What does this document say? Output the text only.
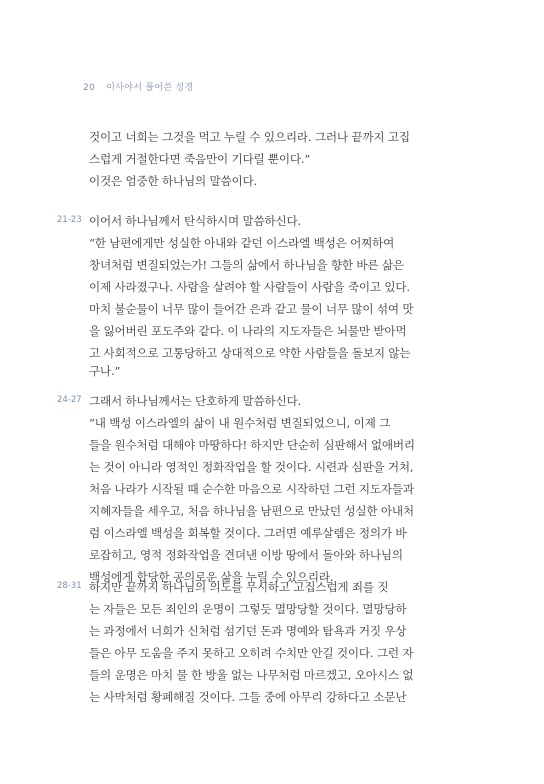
20 이사야서 풀어쓴 성경
21-23
24-27
28-31
것이고 너희는 그것을 먹고 누릴 수 있으리라. 그러나 끝까지 고집
스럽게 거절한다면 죽음만이 기다릴 뿐이다.”
이것은 엄중한 하나님의 말씀이다.
이어서 하나님께서 탄식하시며 말씀하신다.
“한 남편에게만 성실한 아내와 같던 이스라엘 백성은 어찌하여
창녀처럼 변질되었는가! 그들의 삶에서 하나님을 향한 바른 삶은
이제 사라졌구나. 사람을 살려야 할 사람들이 사람을 죽이고 있다.
마치 불순물이 너무 많이 들어간 은과 같고 물이 너무 많이 섞여 맛
을 잃어버린 포도주와 같다. 이 나라의 지도자들은 뇌물만 받아먹
고 사회적으로 고통당하고 상대적으로 약한 사람들을 돌보지 않는
구나.”
그래서 하나님께서는 단호하게 말씀하신다.
“내 백성 이스라엘의 삶이 내 원수처럼 변질되었으니, 이제 그
들을 원수처럼 대해야 마땅하다! 하지만 단순히 심판해서 없애버리
는 것이 아니라 영적인 정화작업을 할 것이다. 시련과 심판을 거쳐,
처음 나라가 시작될 때 순수한 마음으로 시작하던 그런 지도자들과
지혜자들을 세우고, 처음 하나님을 남편으로 만났던 성실한 아내처
럼 이스라엘 백성을 회복할 것이다. 그러면 예루살렘은 정의가 바
로잡히고, 영적 정화작업을 견뎌낸 이방 땅에서 돌아와 하나님의
백성에게 합당한 공의로운 삶을 누릴 수 있으리라.
하지만 끝까지 하나님의 의도를 무시하고 고집스럽게 죄를 짓
는 자들은 모든 죄인의 운명이 그렇듯 멸망당할 것이다. 멸망당하
는 과정에서 너희가 신처럼 섬기던 돈과 명예와 탐욕과 거짓 우상
들은 아무 도움을 주지 못하고 오히려 수치만 안길 것이다. 그런 자
들의 운명은 마치 물 한 방울 없는 나무처럼 마르겠고, 오아시스 없
는 사막처럼 황폐해질 것이다. 그들 중에 아무리 강하다고 소문난
